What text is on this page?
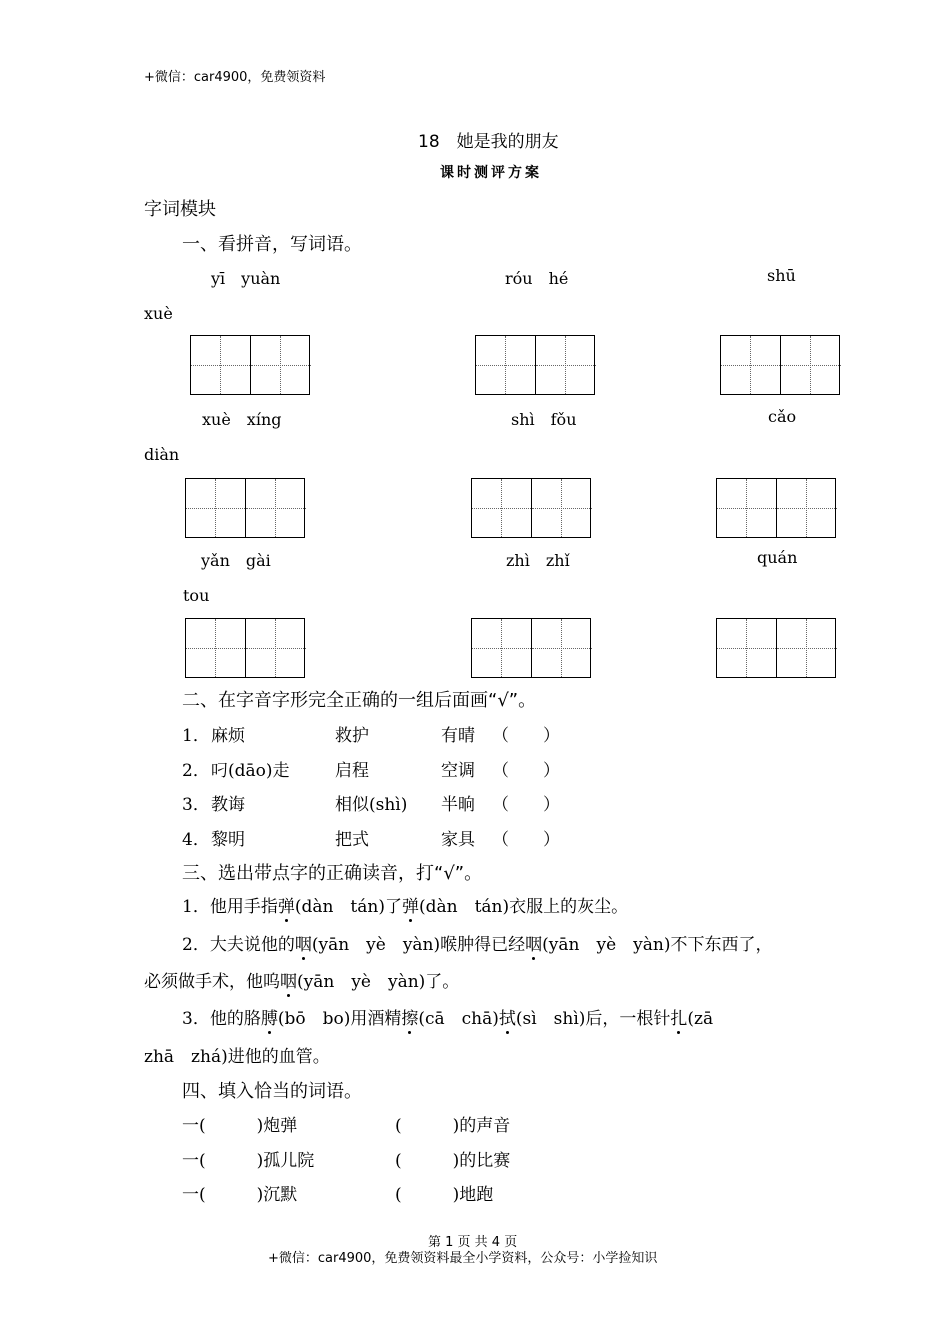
+微信：car4900，免费领资料
18　她是我的朋友
课时测评方案
字词模块
一、看拼音，写词语。
yī　yuàn	róu　hé	shū
xuè
xuè　xíng	shì　fǒu	cǎo
diàn
yǎn　gài	zhì　zhǐ	quán
tou
二、在字音字形完全正确的一组后面画“√”。
1． 麻烦	救护	有晴 （　　）
2． 叼(dāo)走	启程	空调 （　　）
3． 教诲	相似(shì) 半晌 （　　）
4． 黎明	把式	家具 （　　）
三、选出带点字的正确读音，打“√”。
1．他用手指弹(dàn　tán)了弹(dàn　tán)衣服上的灰尘。
2．大夫说他的咽(yān　yè　yàn)喉肿得已经咽(yān　yè　yàn)不下东西了，
必须做手术，他呜咽(yān　yè　yàn)了。
3．他的胳膊(bō　bo)用酒精擦(cā　chā)拭(sì　shì)后，一根针扎(zā
zhā　zhá)进他的血管。
四、填入恰当的词语。
一(　　　)炮弹	(　　　)的声音
一(　　　)孤儿院	(　　　)的比赛
一(　　　)沉默	(　　　)地跑
第 1 页 共 4 页
+微信：car4900，免费领资料最全小学资料，公众号：小学捡知识
